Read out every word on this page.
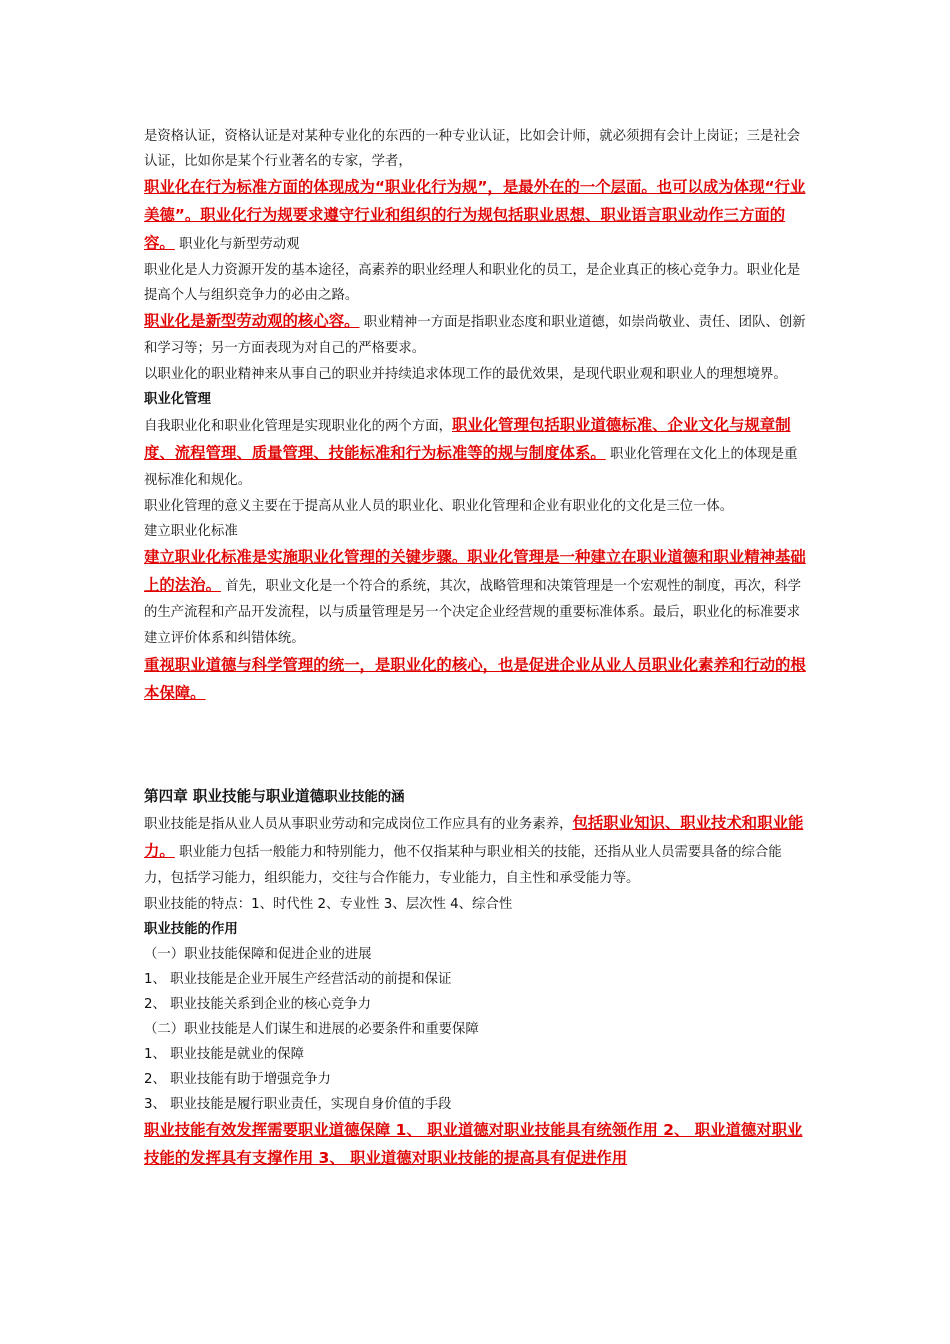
是资格认证，资格认证是对某种专业化的东西的一种专业认证，比如会计师，就必须拥有会计上岗证；三是社会认证，比如你是某个行业著名的专家，学者，

职业化在行为标准方面的体现成为“职业化行为规”，是最外在的一个层面。也可以成为体现“行业美德”。职业化行为规要求遵守行业和组织的行为规包括职业思想、职业语言职业动作三方面的容。 职业化与新型劳动观

职业化是人力资源开发的基本途径，高素养的职业经理人和职业化的员工，是企业真正的核心竞争力。职业化是提高个人与组织竞争力的必由之路。

职业化是新型劳动观的核心容。 职业精神一方面是指职业态度和职业道德，如崇尚敬业、责任、团队、创新和学习等；另一方面表现为对自己的严格要求。

以职业化的职业精神来从事自己的职业并持续追求体现工作的最优效果，是现代职业观和职业人的理想境界。

职业化管理

自我职业化和职业化管理是实现职业化的两个方面，职业化管理包括职业道德标准、企业文化与规章制度、流程管理、质量管理、技能标准和行为标准等的规与制度体系。 职业化管理在文化上的体现是重视标准化和规化。

职业化管理的意义主要在于提高从业人员的职业化、职业化管理和企业有职业化的文化是三位一体。

建立职业化标准

建立职业化标准是实施职业化管理的关键步骤。职业化管理是一种建立在职业道德和职业精神基础上的法治。 首先，职业文化是一个符合的系统，其次，战略管理和决策管理是一个宏观性的制度，再次，科学的生产流程和产品开发流程，以与质量管理是另一个决定企业经营规的重要标准体系。最后，职业化的标准要求建立评价体系和纠错体统。

重视职业道德与科学管理的统一，是职业化的核心，也是促进企业从业人员职业化素养和行动的根本保障。

第四章 职业技能与职业道德职业技能的涵

职业技能是指从业人员从事职业劳动和完成岗位工作应具有的业务素养，包括职业知识、职业技术和职业能力。 职业能力包括一般能力和特别能力，他不仅指某种与职业相关的技能，还指从业人员需要具备的综合能力，包括学习能力，组织能力，交往与合作能力，专业能力，自主性和承受能力等。

职业技能的特点：1、时代性 2、专业性 3、层次性 4、综合性

职业技能的作用

（一）职业技能保障和促进企业的进展

1、 职业技能是企业开展生产经营活动的前提和保证

2、 职业技能关系到企业的核心竞争力

（二）职业技能是人们谋生和进展的必要条件和重要保障

1、 职业技能是就业的保障

2、 职业技能有助于增强竞争力

3、 职业技能是履行职业责任，实现自身价值的手段

职业技能有效发挥需要职业道德保障 1、 职业道德对职业技能具有统领作用 2、 职业道德对职业技能的发挥具有支撑作用 3、 职业道德对职业技能的提高具有促进作用
